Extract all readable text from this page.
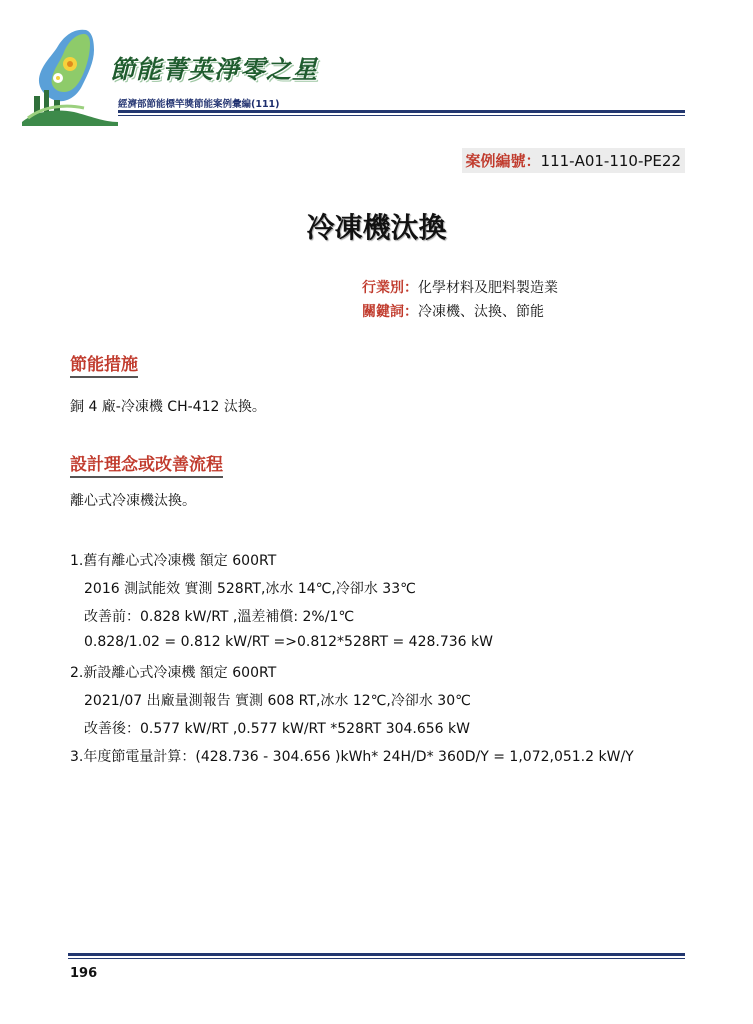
節能菁英淨零之星
經濟部節能標竿獎節能案例彙編(111)
案例編號：111-A01-110-PE22
冷凍機汰換
行業別：化學材料及肥料製造業
關鍵詞：冷凍機、汰換、節能
節能措施
銅 4 廠-冷凍機 CH-412 汰換。
設計理念或改善流程
離心式冷凍機汰換。
1.舊有離心式冷凍機 額定 600RT
2016 測試能效 實測 528RT,冰水 14℃,冷卻水 33℃
改善前：0.828 kW/RT ,溫差補償: 2%/1℃
0.828/1.02 = 0.812 kW/RT =>0.812*528RT = 428.736 kW
2.新設離心式冷凍機 額定 600RT
2021/07 出廠量測報告 實測 608 RT,冰水 12℃,冷卻水 30℃
改善後：0.577 kW/RT ,0.577 kW/RT *528RT 304.656 kW
3.年度節電量計算：(428.736 - 304.656 )kWh* 24H/D* 360D/Y = 1,072,051.2 kW/Y
196
